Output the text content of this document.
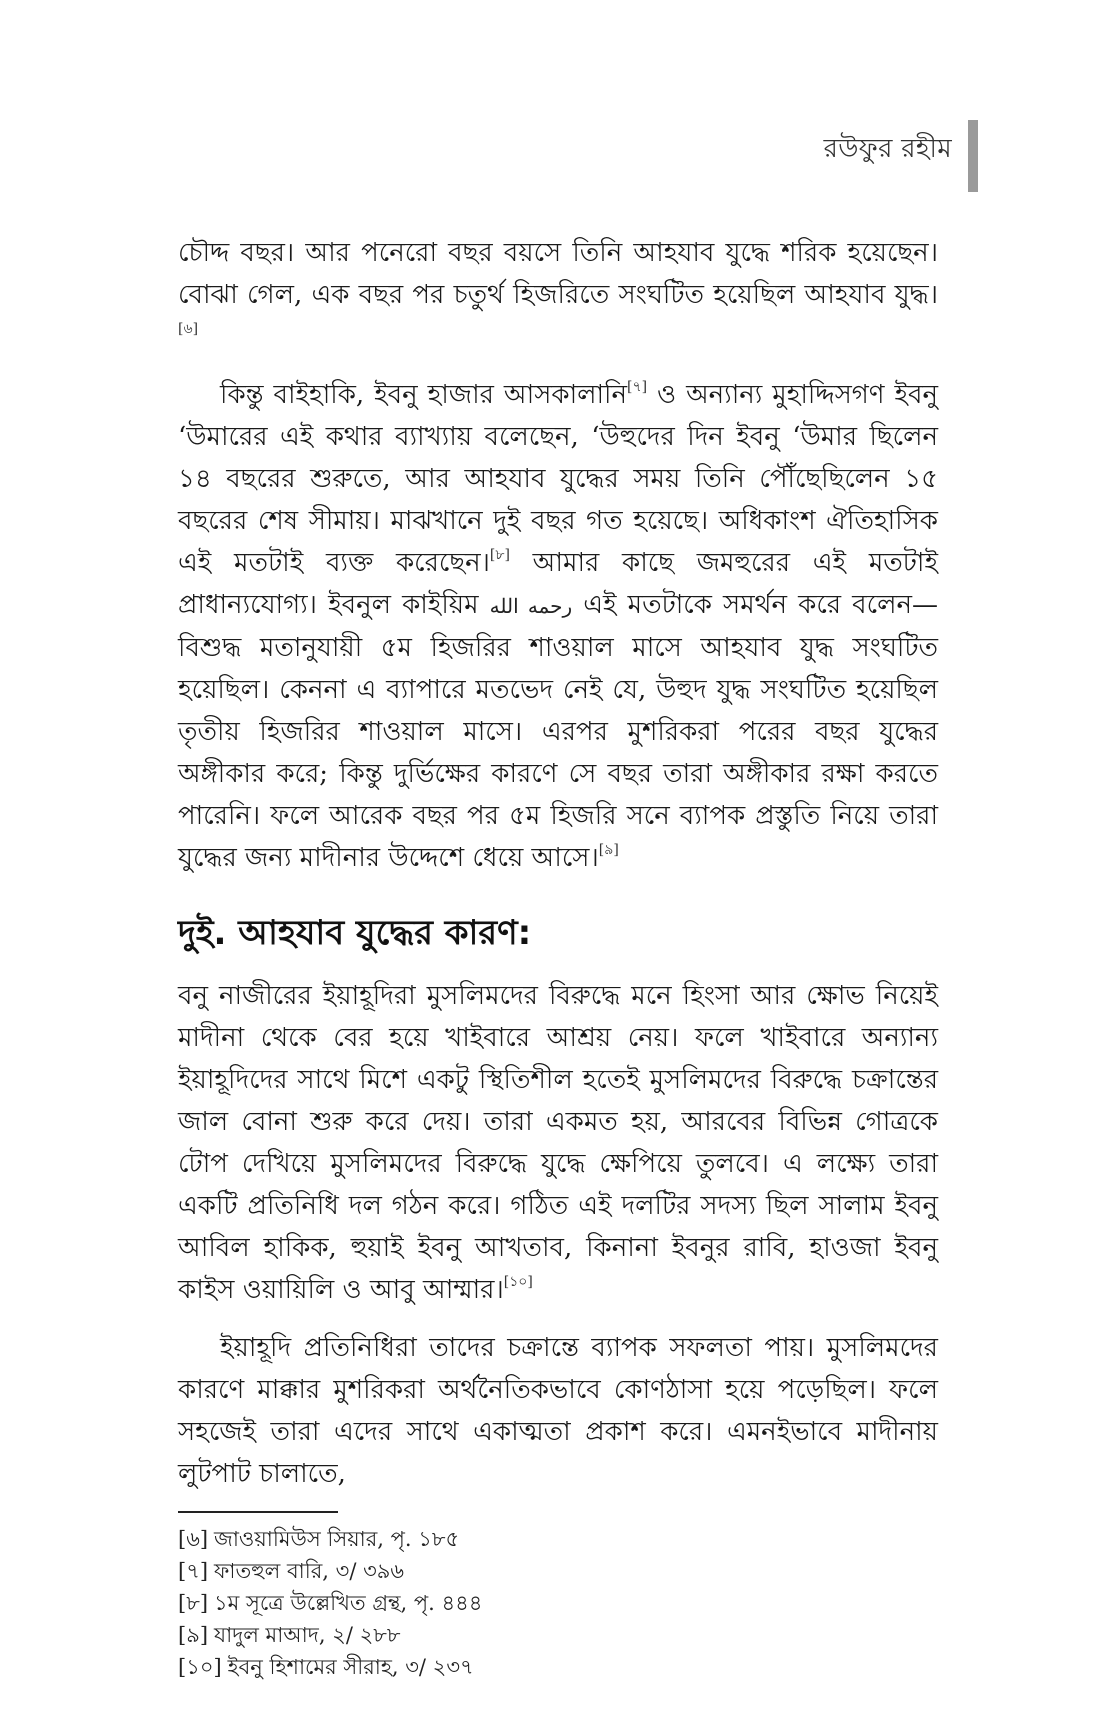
রউফুর রহীম

চৌদ্দ বছর। আর পনেরো বছর বয়সে তিনি আহযাব যুদ্ধে শরিক হয়েছেন। বোঝা গেল, এক বছর পর চতুর্থ হিজরিতে সংঘটিত হয়েছিল আহযাব যুদ্ধ।[৬]

কিন্তু বাইহাকি, ইবনু হাজার আসকালানি[৭] ও অন্যান্য মুহাদ্দিসগণ ইবনু ‘উমারের এই কথার ব্যাখ্যায় বলেছেন, ‘উহুদের দিন ইবনু ‘উমার ছিলেন ১৪ বছরের শুরুতে, আর আহযাব যুদ্ধের সময় তিনি পৌঁছেছিলেন ১৫ বছরের শেষ সীমায়। মাঝখানে দুই বছর গত হয়েছে। অধিকাংশ ঐতিহাসিক এই মতটাই ব্যক্ত করেছেন।[৮] আমার কাছে জমহুরের এই মতটাই প্রাধান্যযোগ্য। ইবনুল কাইয়িম رحمه الله এই মতটাকে সমর্থন করে বলেন—বিশুদ্ধ মতানুযায়ী ৫ম হিজরির শাওয়াল মাসে আহযাব যুদ্ধ সংঘটিত হয়েছিল। কেননা এ ব্যাপারে মতভেদ নেই যে, উহুদ যুদ্ধ সংঘটিত হয়েছিল তৃতীয় হিজরির শাওয়াল মাসে। এরপর মুশরিকরা পরের বছর যুদ্ধের অঙ্গীকার করে; কিন্তু দুর্ভিক্ষের কারণে সে বছর তারা অঙ্গীকার রক্ষা করতে পারেনি। ফলে আরেক বছর পর ৫ম হিজরি সনে ব্যাপক প্রস্তুতি নিয়ে তারা যুদ্ধের জন্য মাদীনার উদ্দেশে ধেয়ে আসে।[৯]

দুই. আহযাব যুদ্ধের কারণ:

বনু নাজীরের ইয়াহূদিরা মুসলিমদের বিরুদ্ধে মনে হিংসা আর ক্ষোভ নিয়েই মাদীনা থেকে বের হয়ে খাইবারে আশ্রয় নেয়। ফলে খাইবারে অন্যান্য ইয়াহূদিদের সাথে মিশে একটু স্থিতিশীল হতেই মুসলিমদের বিরুদ্ধে চক্রান্তের জাল বোনা শুরু করে দেয়। তারা একমত হয়, আরবের বিভিন্ন গোত্রকে টোপ দেখিয়ে মুসলিমদের বিরুদ্ধে যুদ্ধে ক্ষেপিয়ে তুলবে। এ লক্ষ্যে তারা একটি প্রতিনিধি দল গঠন করে। গঠিত এই দলটির সদস্য ছিল সালাম ইবনু আবিল হাকিক, হুয়াই ইবনু আখতাব, কিনানা ইবনুর রাবি, হাওজা ইবনু কাইস ওয়ায়িলি ও আবু আম্মার।[১০]

ইয়াহূদি প্রতিনিধিরা তাদের চক্রান্তে ব্যাপক সফলতা পায়। মুসলিমদের কারণে মাক্কার মুশরিকরা অর্থনৈতিকভাবে কোণঠাসা হয়ে পড়েছিল। ফলে সহজেই তারা এদের সাথে একাত্মতা প্রকাশ করে। এমনইভাবে মাদীনায় লুটপাট চালাতে,

[৬] জাওয়ামিউস সিয়ার, পৃ. ১৮৫
[৭] ফাতহুল বারি, ৩/ ৩৯৬
[৮] ১ম সূত্রে উল্লেখিত গ্রন্থ, পৃ. ৪৪৪
[৯] যাদুল মাআদ, ২/ ২৮৮
[১০] ইবনু হিশামের সীরাহ, ৩/ ২৩৭
